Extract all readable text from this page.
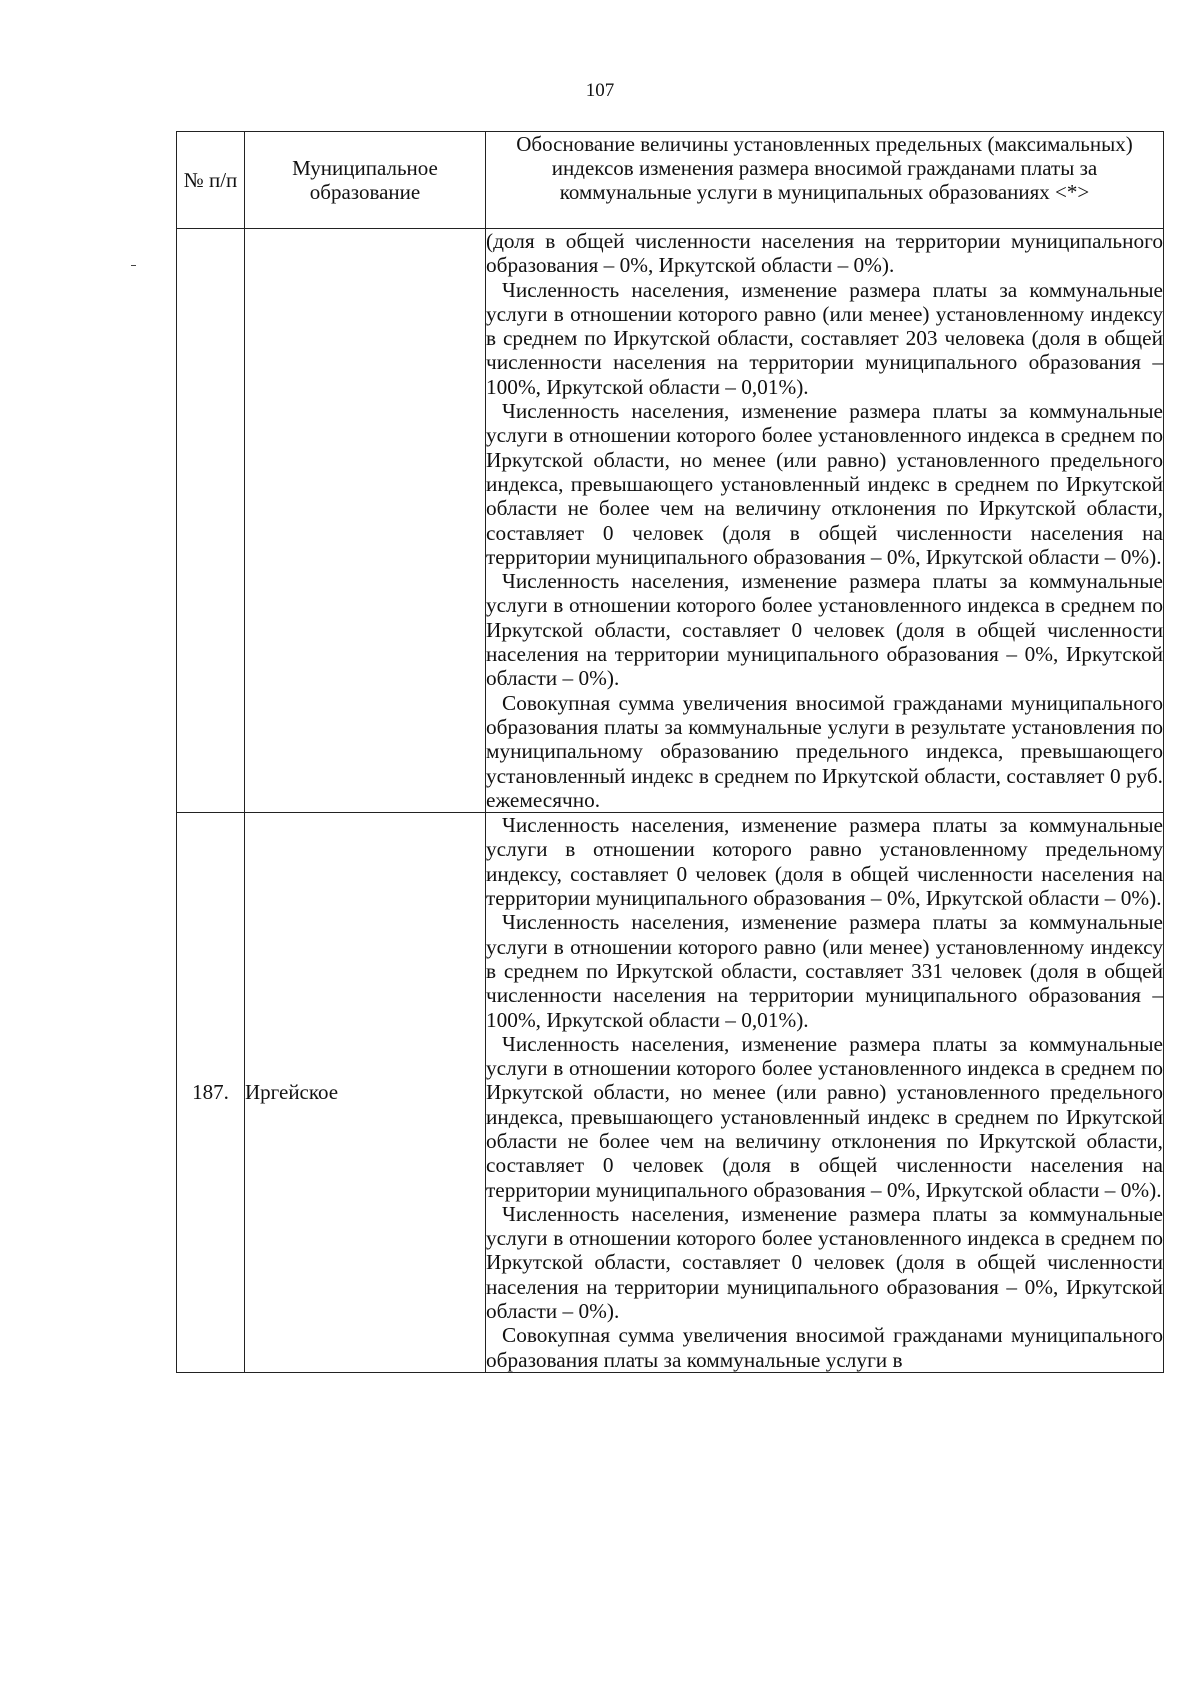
107
№ п/п	Муниципальное образование	Обоснование величины установленных предельных (максимальных) индексов изменения размера вносимой гражданами платы за коммунальные услуги в муниципальных образованиях <*>

		(доля в общей численности населения на территории муниципального образования – 0%, Иркутской области – 0%).

Численность населения, изменение размера платы за коммунальные услуги в отношении которого равно (или менее) установленному индексу в среднем по Иркутской области, составляет 203 человека (доля в общей численности населения на территории муниципального образования – 100%, Иркутской области – 0,01%).

Численность населения, изменение размера платы за коммунальные услуги в отношении которого более установленного индекса в среднем по Иркутской области, но менее (или равно) установленного предельного индекса, превышающего установленный индекс в среднем по Иркутской области не более чем на величину отклонения по Иркутской области, составляет 0 человек (доля в общей численности населения на территории муниципального образования – 0%, Иркутской области – 0%).

Численность населения, изменение размера платы за коммунальные услуги в отношении которого более установленного индекса в среднем по Иркутской области, составляет 0 человек (доля в общей численности населения на территории муниципального образования – 0%, Иркутской области – 0%).

Совокупная сумма увеличения вносимой гражданами муниципального образования платы за коммунальные услуги в результате установления по муниципальному образованию предельного индекса, превышающего установленный индекс в среднем по Иркутской области, составляет 0 руб. ежемесячно.

187.	Иргейское	Численность населения, изменение размера платы за коммунальные услуги в отношении которого равно установленному предельному индексу, составляет 0 человек (доля в общей численности населения на территории муниципального образования – 0%, Иркутской области – 0%).

Численность населения, изменение размера платы за коммунальные услуги в отношении которого равно (или менее) установленному индексу в среднем по Иркутской области, составляет 331 человек (доля в общей численности населения на территории муниципального образования – 100%, Иркутской области – 0,01%).

Численность населения, изменение размера платы за коммунальные услуги в отношении которого более установленного индекса в среднем по Иркутской области, но менее (или равно) установленного предельного индекса, превышающего установленный индекс в среднем по Иркутской области не более чем на величину отклонения по Иркутской области, составляет 0 человек (доля в общей численности населения на территории муниципального образования – 0%, Иркутской области – 0%).

Численность населения, изменение размера платы за коммунальные услуги в отношении которого более установленного индекса в среднем по Иркутской области, составляет 0 человек (доля в общей численности населения на территории муниципального образования – 0%, Иркутской области – 0%).

Совокупная сумма увеличения вносимой гражданами муниципального образования платы за коммунальные услуги в
